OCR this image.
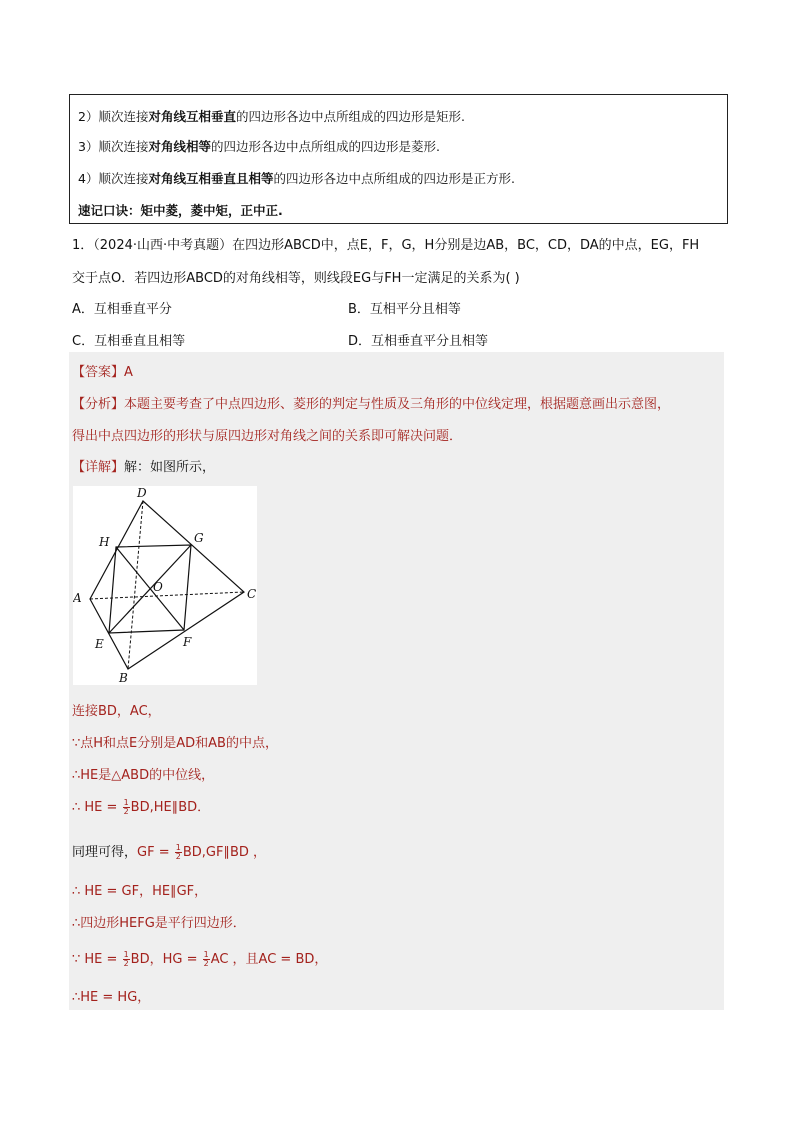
2）顺次连接对角线互相垂直的四边形各边中点所组成的四边形是矩形.
3）顺次连接对角线相等的四边形各边中点所组成的四边形是菱形.
4）顺次连接对角线互相垂直且相等的四边形各边中点所组成的四边形是正方形.
速记口诀：矩中菱，菱中矩，正中正.
1．（2024·山西·中考真题）在四边形ABCD中，点E，F，G，H分别是边AB，BC，CD，DA的中点，EG，FH
交于点O．若四边形ABCD的对角线相等，则线段EG与FH一定满足的关系为( )
A．互相垂直平分	B．互相平分且相等
C．互相垂直且相等	D．互相垂直平分且相等
【答案】A
【分析】本题主要考查了中点四边形、菱形的判定与性质及三角形的中位线定理，根据题意画出示意图，
得出中点四边形的形状与原四边形对角线之间的关系即可解决问题．
【详解】解：如图所示，
D
H	G
A
O	C
E	F
B
连接BD，AC，
∵点H和点E分别是AD和AB的中点，
∴HE是△ABD的中位线，
∴ HE = $\frac{1}{2}$ BD,HE∥BD．
同理可得，GF = $\frac{1}{2}$ BD,GF∥BD ，
∴ HE = GF，HE∥GF，
∴四边形HEFG是平行四边形．
∵ HE = $\frac{1}{2}$ BD，HG = $\frac{1}{2}$ AC ，且AC = BD，
∴HE = HG，
